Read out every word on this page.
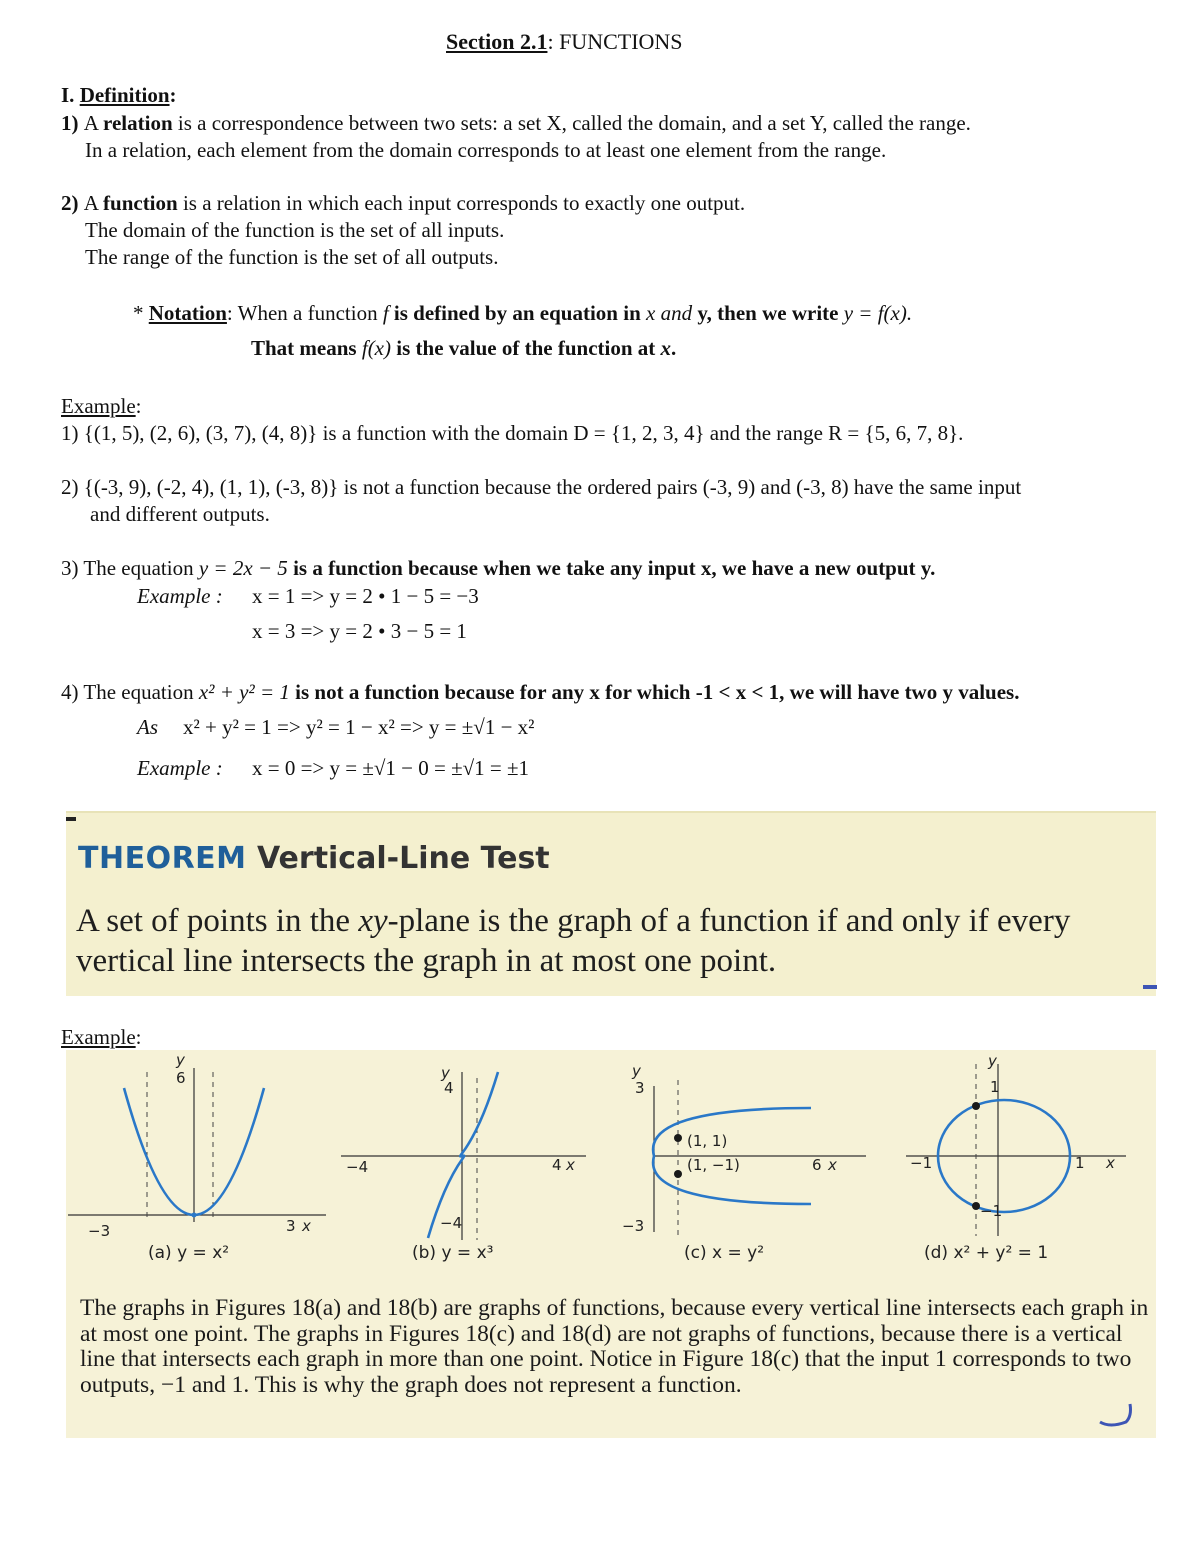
Section 2.1: FUNCTIONS
I. Definition:
1) A relation is a correspondence between two sets: a set X, called the domain, and a set Y, called the range.
In a relation, each element from the domain corresponds to at least one element from the range.
2) A function is a relation in which each input corresponds to exactly one output.
The domain of the function is the set of all inputs.
The range of the function is the set of all outputs.
* Notation: When a function f is defined by an equation in x and y, then we write y = f(x).
That means f(x) is the value of the function at x.
Example:
1) {(1, 5), (2, 6), (3, 7), (4, 8)} is a function with the domain D = {1, 2, 3, 4} and the range R = {5, 6, 7, 8}.
2) {(-3, 9), (-2, 4), (1, 1), (-3, 8)} is not a function because the ordered pairs (-3, 9) and (-3, 8) have the same input
and different outputs.
3) The equation y = 2x − 5 is a function because when we take any input x, we have a new output y.
Example : x = 1 => y = 2 • 1 − 5 = −3
x = 3 => y = 2 • 3 − 5 = 1
4) The equation x² + y² = 1 is not a function because for any x for which -1 < x < 1, we will have two y values.
As x² + y² = 1 => y² = 1 − x² => y = ±√1 − x²
Example : x = 0 => y = ±√1 − 0 = ±√1 = ±1
THEOREM Vertical-Line Test
A set of points in the xy-plane is the graph of a function if and only if every vertical line intersects the graph in at most one point.
Example:
y
6
−3	3 x
y
4
−4	4 x
−4
y
3
(1, 1)
(1, −1)	6 x
−3
y
1
−1	1 x
−1
(a) y = x²	(b) y = x³	(c) x = y²	(d) x² + y² = 1
The graphs in Figures 18(a) and 18(b) are graphs of functions, because every vertical line intersects each graph in at most one point. The graphs in Figures 18(c) and 18(d) are not graphs of functions, because there is a vertical line that intersects each graph in more than one point. Notice in Figure 18(c) that the input 1 corresponds to two outputs, −1 and 1. This is why the graph does not represent a function.
